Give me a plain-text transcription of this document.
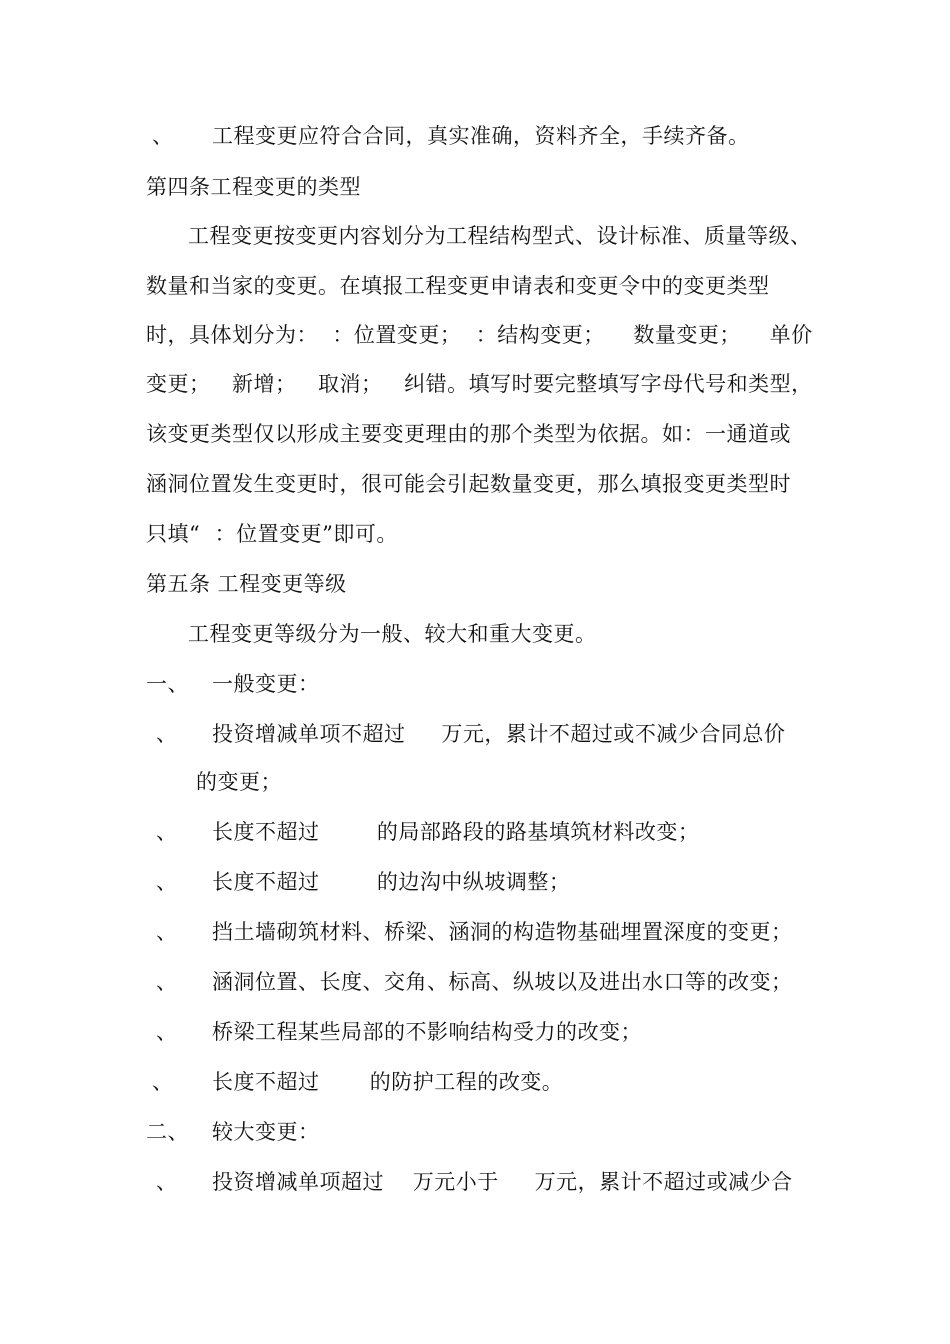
、 工程变更应符合合同，真实准确，资料齐全，手续齐备。
第四条工程变更的类型
工程变更按变更内容划分为工程结构型式、设计标准、质量等级、
数量和当家的变更。在填报工程变更申请表和变更令中的变更类型
时，具体划分为：  ：位置变更；  ：结构变更；    数量变更；    单价
变更；   新增；   取消；   纠错。填写时要完整填写字母代号和类型，
该变更类型仅以形成主要变更理由的那个类型为依据。如：一通道或
涵洞位置发生变更时，很可能会引起数量变更，那么填报变更类型时
只填“  ：位置变更”即可。
第五条 工程变更等级
工程变更等级分为一般、较大和重大变更。
一、 一般变更：
、 投资增减单项不超过     万元，累计不超过或不减少合同总价
的变更；
、 长度不超过        的局部路段的路基填筑材料改变；
、 长度不超过        的边沟中纵坡调整；
、 挡土墙砌筑材料、桥梁、涵洞的构造物基础埋置深度的变更；
、 涵洞位置、长度、交角、标高、纵坡以及进出水口等的改变；
、 桥梁工程某些局部的不影响结构受力的改变；
、 长度不超过       的防护工程的改变。
二、 较大变更：
、 投资增减单项超过    万元小于     万元，累计不超过或减少合
